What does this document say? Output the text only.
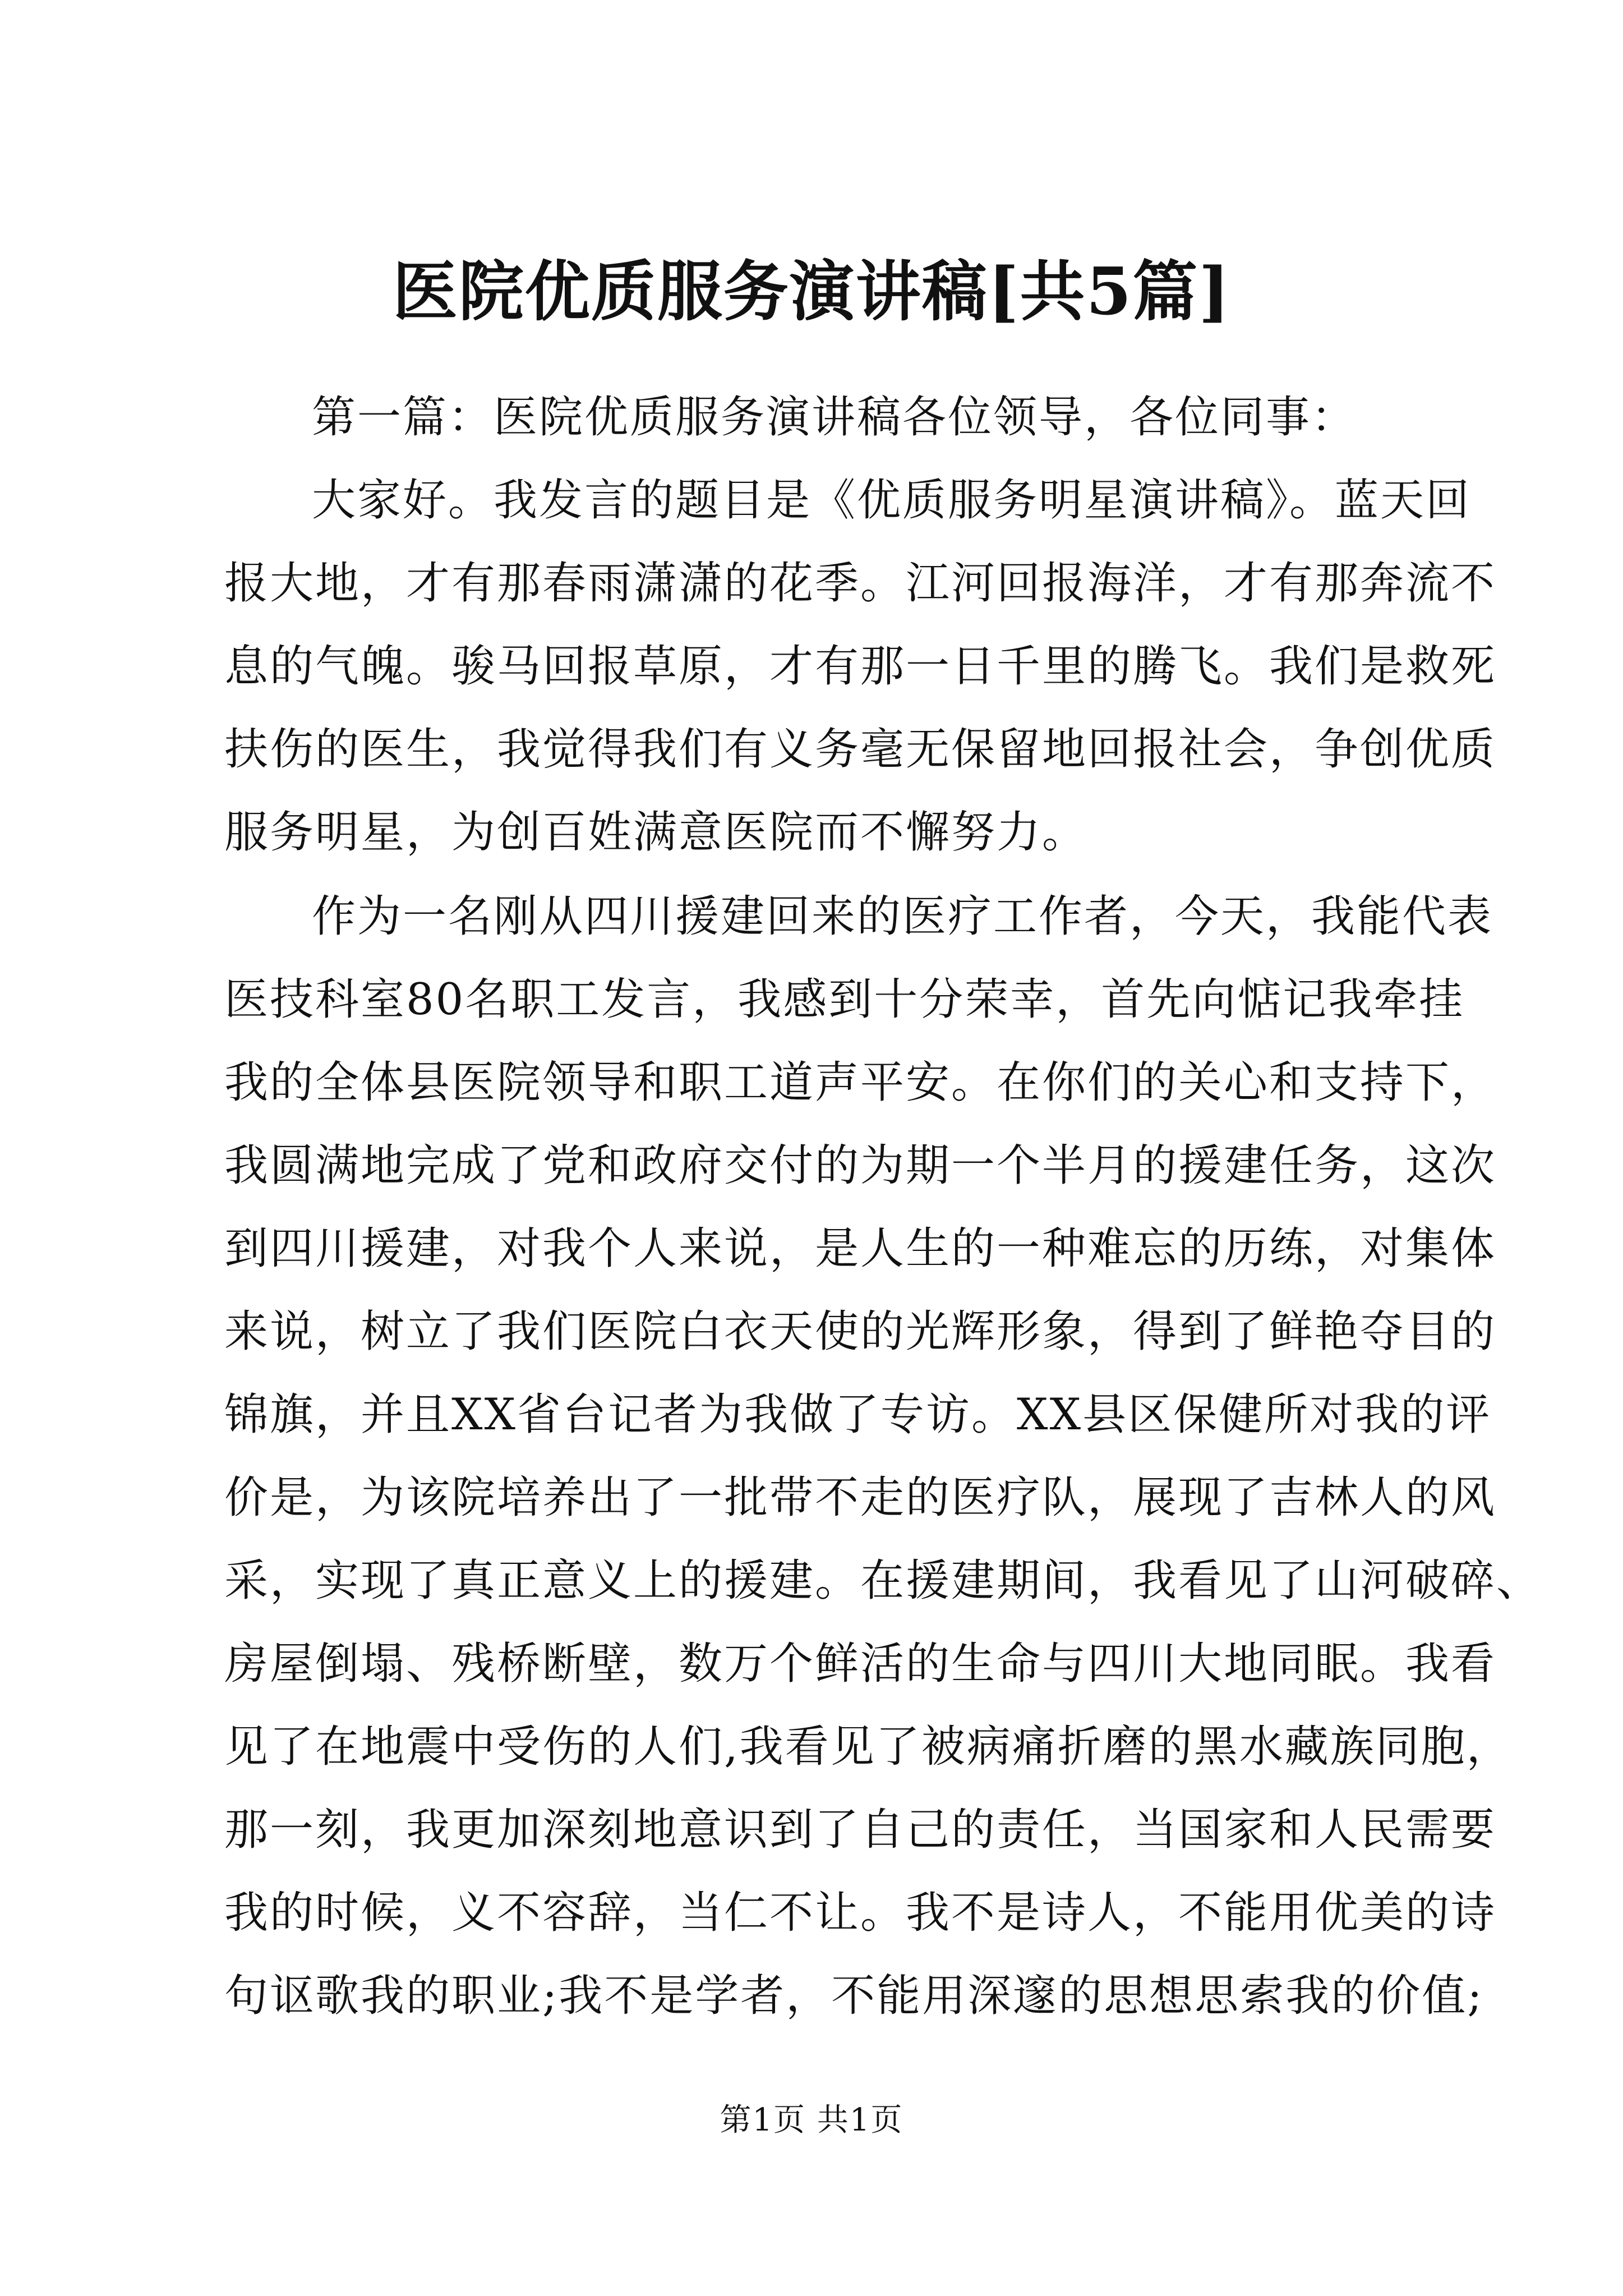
医院优质服务演讲稿[共5篇]
第一篇：医院优质服务演讲稿各位领导，各位同事：
大家好。我发言的题目是《优质服务明星演讲稿》。蓝天回
报大地，才有那春雨潇潇的花季。江河回报海洋，才有那奔流不
息的气魄。骏马回报草原，才有那一日千里的腾飞。我们是救死
扶伤的医生，我觉得我们有义务毫无保留地回报社会，争创优质
服务明星，为创百姓满意医院而不懈努力。
作为一名刚从四川援建回来的医疗工作者，今天，我能代表
医技科室80名职工发言，我感到十分荣幸，首先向惦记我牵挂
我的全体县医院领导和职工道声平安。在你们的关心和支持下，
我圆满地完成了党和政府交付的为期一个半月的援建任务，这次
到四川援建，对我个人来说，是人生的一种难忘的历练，对集体
来说，树立了我们医院白衣天使的光辉形象，得到了鲜艳夺目的
锦旗，并且XX省台记者为我做了专访。XX县区保健所对我的评
价是，为该院培养出了一批带不走的医疗队，展现了吉林人的风
采，实现了真正意义上的援建。在援建期间，我看见了山河破碎、
房屋倒塌、残桥断壁，数万个鲜活的生命与四川大地同眠。我看
见了在地震中受伤的人们,我看见了被病痛折磨的黑水藏族同胞，
那一刻，我更加深刻地意识到了自己的责任，当国家和人民需要
我的时候，义不容辞，当仁不让。我不是诗人，不能用优美的诗
句讴歌我的职业;我不是学者，不能用深邃的思想思索我的价值;
第1页 共1页
